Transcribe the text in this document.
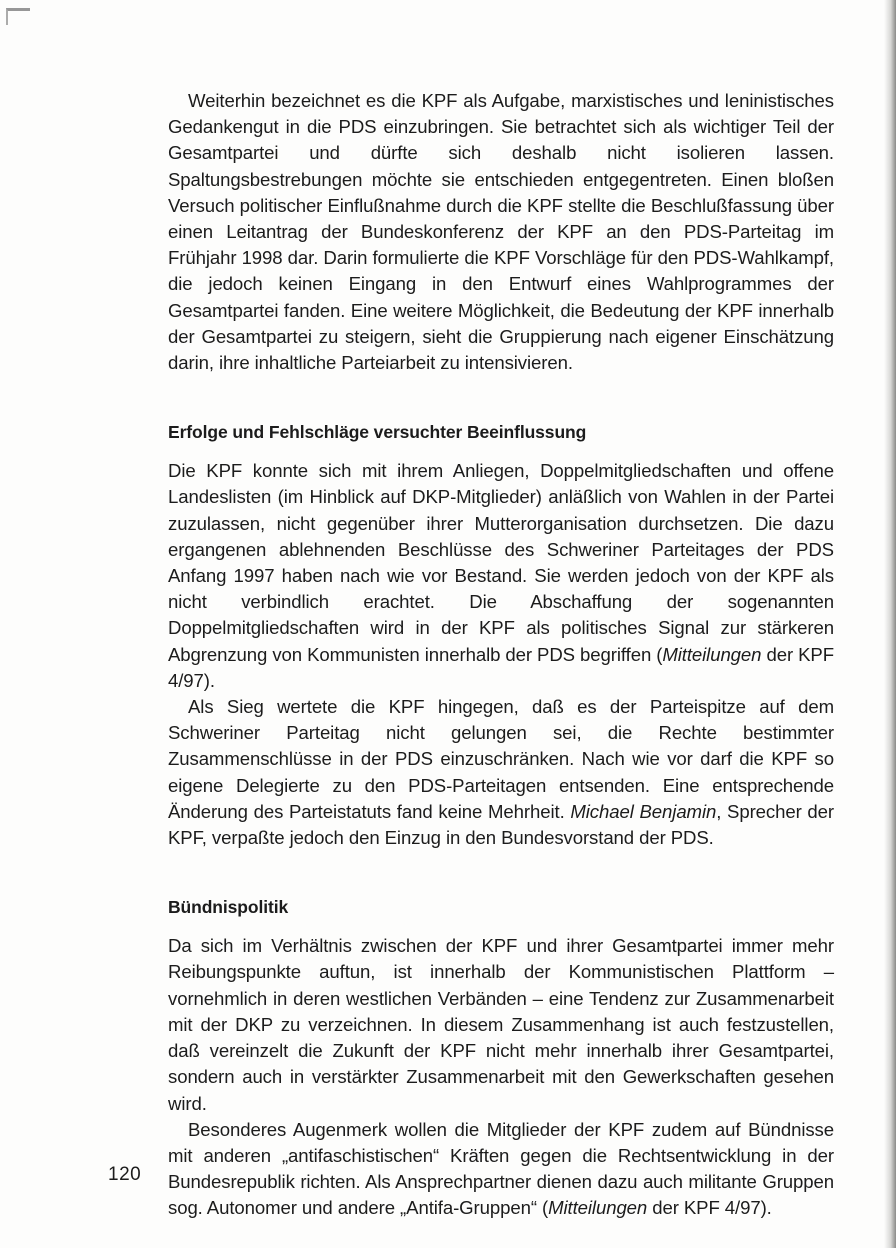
Weiterhin bezeichnet es die KPF als Aufgabe, marxistisches und leninistisches Gedankengut in die PDS einzubringen. Sie betrachtet sich als wichtiger Teil der Gesamtpartei und dürfte sich deshalb nicht isolieren lassen. Spaltungsbestrebungen möchte sie entschieden entgegentreten. Einen bloßen Versuch politischer Einflußnahme durch die KPF stellte die Beschlußfassung über einen Leitantrag der Bundeskonferenz der KPF an den PDS-Parteitag im Frühjahr 1998 dar. Darin formulierte die KPF Vorschläge für den PDS-Wahlkampf, die jedoch keinen Eingang in den Entwurf eines Wahlprogrammes der Gesamtpartei fanden. Eine weitere Möglichkeit, die Bedeutung der KPF innerhalb der Gesamtpartei zu steigern, sieht die Gruppierung nach eigener Einschätzung darin, ihre inhaltliche Parteiarbeit zu intensivieren.

Erfolge und Fehlschläge versuchter Beeinflussung

Die KPF konnte sich mit ihrem Anliegen, Doppelmitgliedschaften und offene Landeslisten (im Hinblick auf DKP-Mitglieder) anläßlich von Wahlen in der Partei zuzulassen, nicht gegenüber ihrer Mutterorganisation durchsetzen. Die dazu ergangenen ablehnenden Beschlüsse des Schweriner Parteitages der PDS Anfang 1997 haben nach wie vor Bestand. Sie werden jedoch von der KPF als nicht verbindlich erachtet. Die Abschaffung der sogenannten Doppelmitgliedschaften wird in der KPF als politisches Signal zur stärkeren Abgrenzung von Kommunisten innerhalb der PDS begriffen (Mitteilungen der KPF 4/97).

Als Sieg wertete die KPF hingegen, daß es der Parteispitze auf dem Schweriner Parteitag nicht gelungen sei, die Rechte bestimmter Zusammenschlüsse in der PDS einzuschränken. Nach wie vor darf die KPF so eigene Delegierte zu den PDS-Parteitagen entsenden. Eine entsprechende Änderung des Parteistatuts fand keine Mehrheit. Michael Benjamin, Sprecher der KPF, verpaßte jedoch den Einzug in den Bundesvorstand der PDS.

Bündnispolitik

Da sich im Verhältnis zwischen der KPF und ihrer Gesamtpartei immer mehr Reibungspunkte auftun, ist innerhalb der Kommunistischen Plattform – vornehmlich in deren westlichen Verbänden – eine Tendenz zur Zusammenarbeit mit der DKP zu verzeichnen. In diesem Zusammenhang ist auch festzustellen, daß vereinzelt die Zukunft der KPF nicht mehr innerhalb ihrer Gesamtpartei, sondern auch in verstärkter Zusammenarbeit mit den Gewerkschaften gesehen wird.

Besonderes Augenmerk wollen die Mitglieder der KPF zudem auf Bündnisse mit anderen „antifaschistischen“ Kräften gegen die Rechtsentwicklung in der Bundesrepublik richten. Als Ansprechpartner dienen dazu auch militante Gruppen sog. Autonomer und andere „Antifa-Gruppen“ (Mitteilungen der KPF 4/97).

120
